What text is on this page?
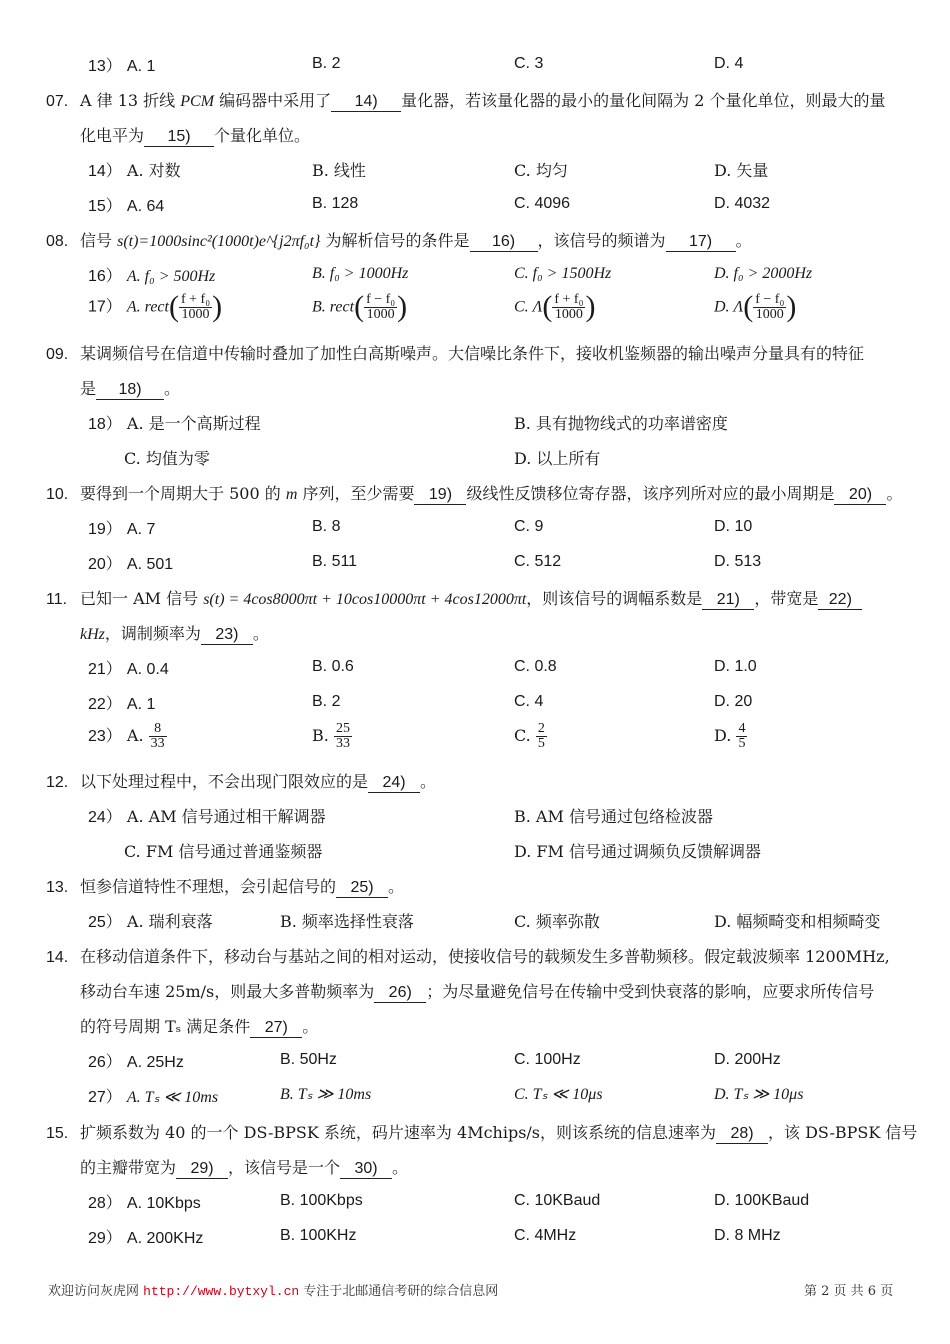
13） A. 1	B. 2	C. 3	D. 4
07. A 律 13 折线 PCM 编码器中采用了 14) 量化器，若该量化器的最小的量化间隔为 2 个量化单位，则最大的量
化电平为 15) 个量化单位。
14） A. 对数	B. 线性	C. 均匀	D. 矢量
15） A. 64	B. 128	C. 4096	D. 4032
08. 信号 s(t)=1000sinc²(1000t)e^{j2πf₀t} 为解析信号的条件是 16) ，该信号的频谱为 17) 。
16） A. f₀ > 500Hz	B. f₀ > 1000Hz	C. f₀ > 1500Hz	D. f₀ > 2000Hz
17） A. rect( $\frac{\text{f + f₀}}{1000}$ )	B. rect( $\frac{\text{f − f₀}}{1000}$ )	C. $\Lambda( \frac{\text{f + f₀}}{1000}$ )	D. $\Lambda( \frac{\text{f − f₀}}{1000}$ )
09. 某调频信号在信道中传输时叠加了加性白高斯噪声。大信噪比条件下，接收机鉴频器的输出噪声分量具有的特征
是 18) 。
18） A. 是一个高斯过程	B. 具有抛物线式的功率谱密度
C. 均值为零	D. 以上所有
10. 要得到一个周期大于 500 的 m 序列，至少需要 19) 级线性反馈移位寄存器，该序列所对应的最小周期是 20) 。
19） A. 7	B. 8	C. 9	D. 10
20） A. 501	B. 511	C. 512	D. 513
11. 已知一 AM 信号 s(t) = 4cos8000πt + 10cos10000πt + 4cos12000πt，则该信号的调幅系数是 21) ，带宽是 22)
kHz，调制频率为 23) 。
21） A. 0.4	B. 0.6	C. 0.8	D. 1.0
22） A. 1	B. 2	C. 4	D. 20
23） A. $\frac{8}{33}$	B. $\frac{25}{33}$	C. $\frac{2}{5}$	D. $\frac{4}{5}$
12. 以下处理过程中，不会出现门限效应的是 24) 。
24） A. AM 信号通过相干解调器	B. AM 信号通过包络检波器
C. FM 信号通过普通鉴频器	D. FM 信号通过调频负反馈解调器
13. 恒参信道特性不理想，会引起信号的 25) 。
25） A. 瑞利衰落	B. 频率选择性衰落	C. 频率弥散	D. 幅频畸变和相频畸变
14. 在移动信道条件下，移动台与基站之间的相对运动，使接收信号的载频发生多普勒频移。假定载波频率 1200MHz,
移动台车速 25m/s，则最大多普勒频率为 26) ；为尽量避免信号在传输中受到快衰落的影响，应要求所传信号
的符号周期 Tₛ 满足条件 27) 。
26） A. 25Hz	B. 50Hz	C. 100Hz	D. 200Hz
27） A. Tₛ ≪ 10ms	B. Tₛ ≫ 10ms	C. Tₛ ≪ 10μs	D. Tₛ ≫ 10μs
15. 扩频系数为 40 的一个 DS-BPSK 系统，码片速率为 4Mchips/s，则该系统的信息速率为 28) ，该 DS-BPSK 信号
的主瓣带宽为 29) ，该信号是一个 30) 。
28） A. 10Kbps	B. 100Kbps	C. 10KBaud	D. 100KBaud
29） A. 200KHz	B. 100KHz	C. 4MHz	D. 8 MHz
欢迎访问灰虎网 http://www.bytxyl.cn 专注于北邮通信考研的综合信息网	第 2 页 共 6 页
